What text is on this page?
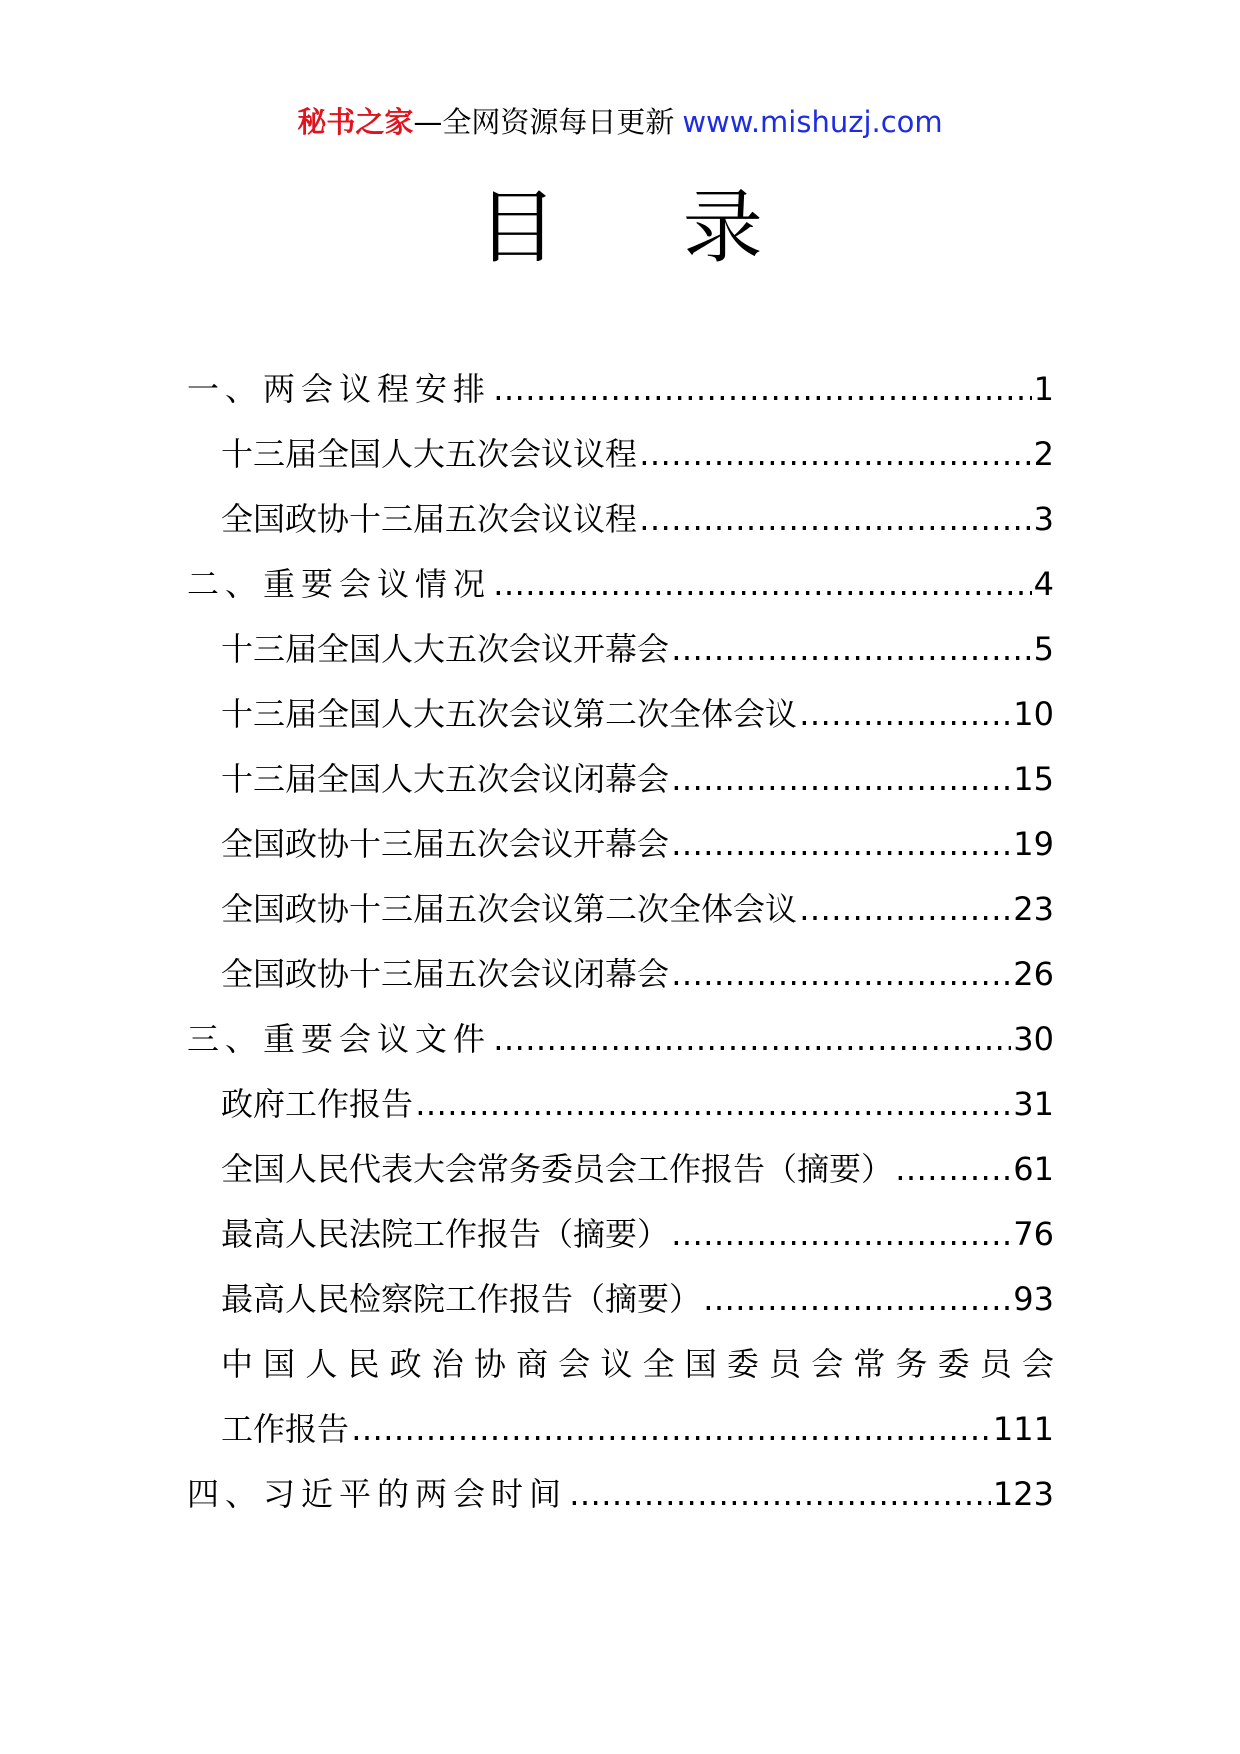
秘书之家—全网资源每日更新 www.mishuzj.com
目 录
一、两会议程安排 ……………………………………………………………………………………………………………………………………………………	1
十三届全国人大五次会议议程 ……………………………………………………………………………………………………………………………………………………	2
全国政协十三届五次会议议程 ……………………………………………………………………………………………………………………………………………………	3
二、重要会议情况 ……………………………………………………………………………………………………………………………………………………	4
十三届全国人大五次会议开幕会 ……………………………………………………………………………………………………………………………………………………	5
十三届全国人大五次会议第二次全体会议 ……………………………………………………………………………………………………………………………………………………	10
十三届全国人大五次会议闭幕会 ……………………………………………………………………………………………………………………………………………………	15
全国政协十三届五次会议开幕会 ……………………………………………………………………………………………………………………………………………………	19
全国政协十三届五次会议第二次全体会议 ……………………………………………………………………………………………………………………………………………………	23
全国政协十三届五次会议闭幕会 ……………………………………………………………………………………………………………………………………………………	26
三、重要会议文件 ……………………………………………………………………………………………………………………………………………………	30
政府工作报告 ……………………………………………………………………………………………………………………………………………………	31
全国人民代表大会常务委员会工作报告（摘要） ……………………………………………………………………………………………………………………………………………………	61
最高人民法院工作报告（摘要） ……………………………………………………………………………………………………………………………………………………	76
最高人民检察院工作报告（摘要） ……………………………………………………………………………………………………………………………………………………	93
中国人民政治协商会议全国委员会常务委员会
工作报告 ……………………………………………………………………………………………………………………………………………………	111
四、习近平的两会时间 ……………………………………………………………………………………………………………………………………………………	123
